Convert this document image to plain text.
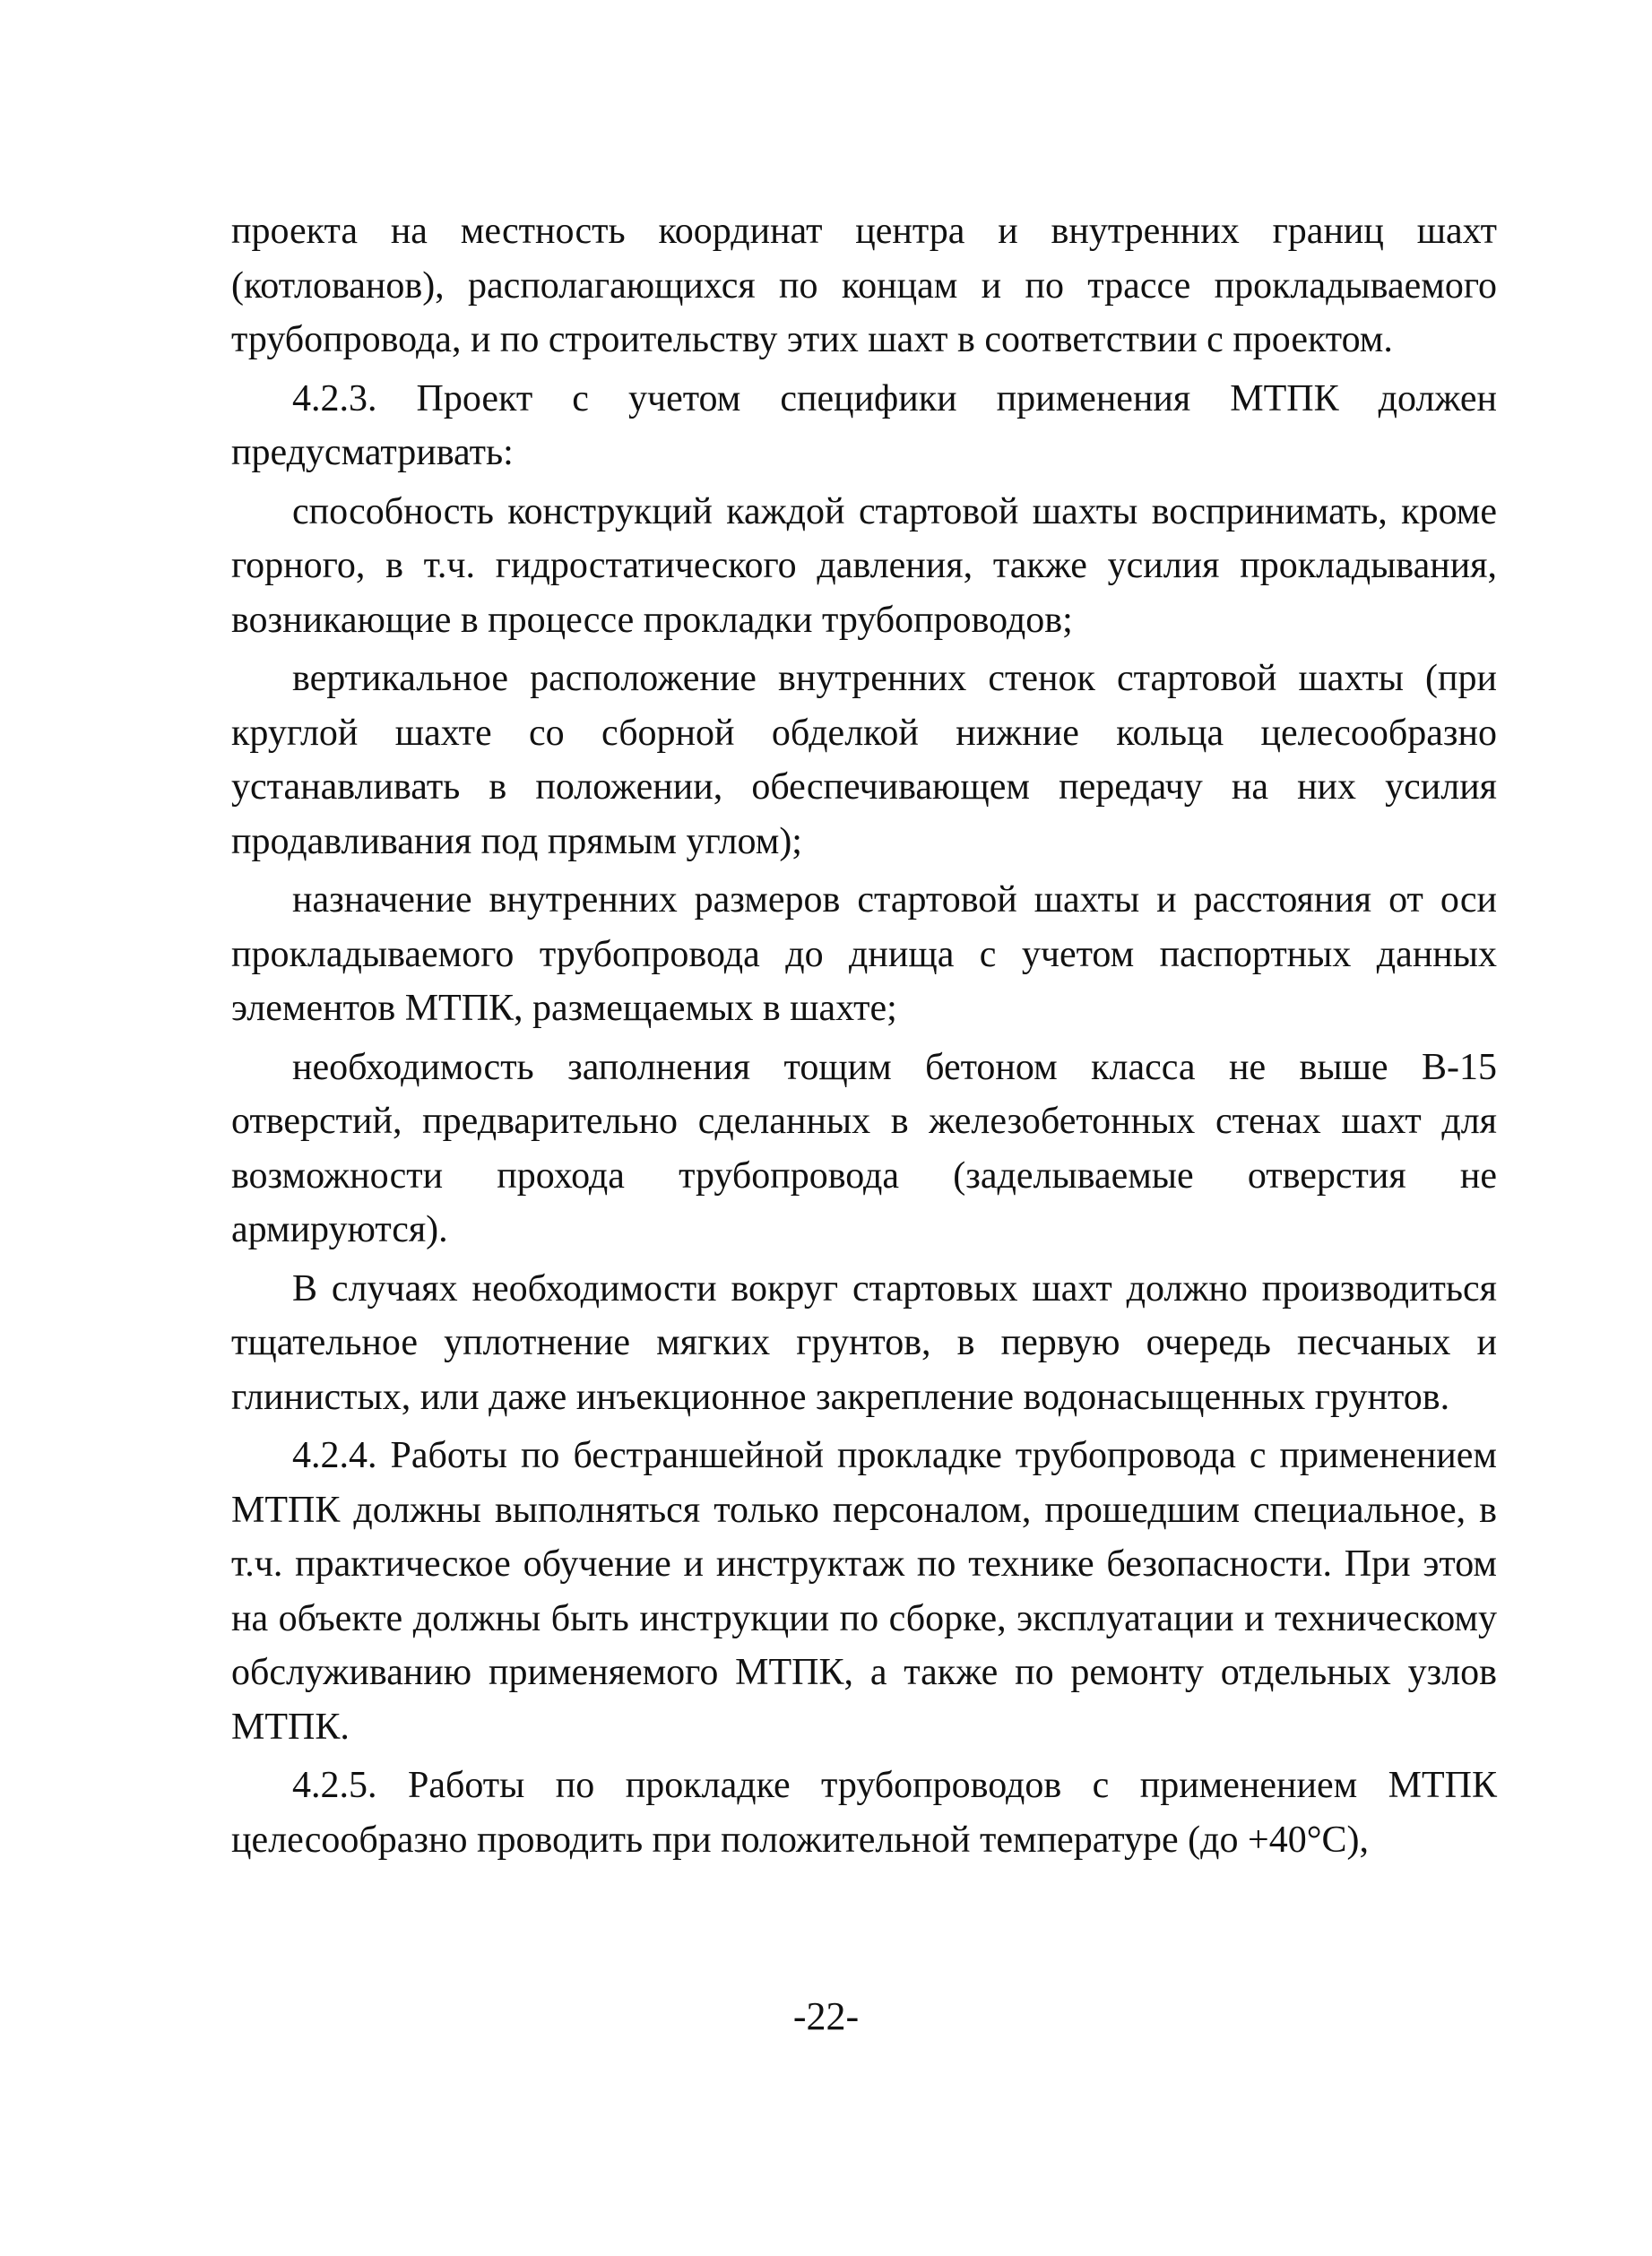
проекта на местность координат центра и внутренних границ шахт (котлованов), располагающихся по концам и по трассе прокладываемого трубопровода, и по строительству этих шахт в соответствии с проектом.

4.2.3. Проект с учетом специфики применения МТПК должен предусматривать:

способность конструкций каждой стартовой шахты воспринимать, кроме горного, в т.ч. гидростатического давления, также усилия прокладывания, возникающие в процессе прокладки трубопроводов;

вертикальное расположение внутренних стенок стартовой шахты (при круглой шахте со сборной обделкой нижние кольца целесообразно устанавливать в положении, обеспечивающем передачу на них усилия продавливания под прямым углом);

назначение внутренних размеров стартовой шахты и расстояния от оси прокладываемого трубопровода до днища с учетом паспортных данных элементов МТПК, размещаемых в шахте;

необходимость заполнения тощим бетоном класса не выше В-15 отверстий, предварительно сделанных в железобетонных стенах шахт для возможности прохода трубопровода (заделываемые отверстия не армируются).

В случаях необходимости вокруг стартовых шахт должно производиться тщательное уплотнение мягких грунтов, в первую очередь песчаных и глинистых, или даже инъекционное закрепление водонасыщенных грунтов.

4.2.4. Работы по бестраншейной прокладке трубопровода с применением МТПК должны выполняться только персоналом, прошедшим специальное, в т.ч. практическое обучение и инструктаж по технике безопасности. При этом на объекте должны быть инструкции по сборке, эксплуатации и техническому обслуживанию применяемого МТПК, а также по ремонту отдельных узлов МТПК.

4.2.5. Работы по прокладке трубопроводов с применением МТПК целесообразно проводить при положительной температуре (до +40°С),

-22-
